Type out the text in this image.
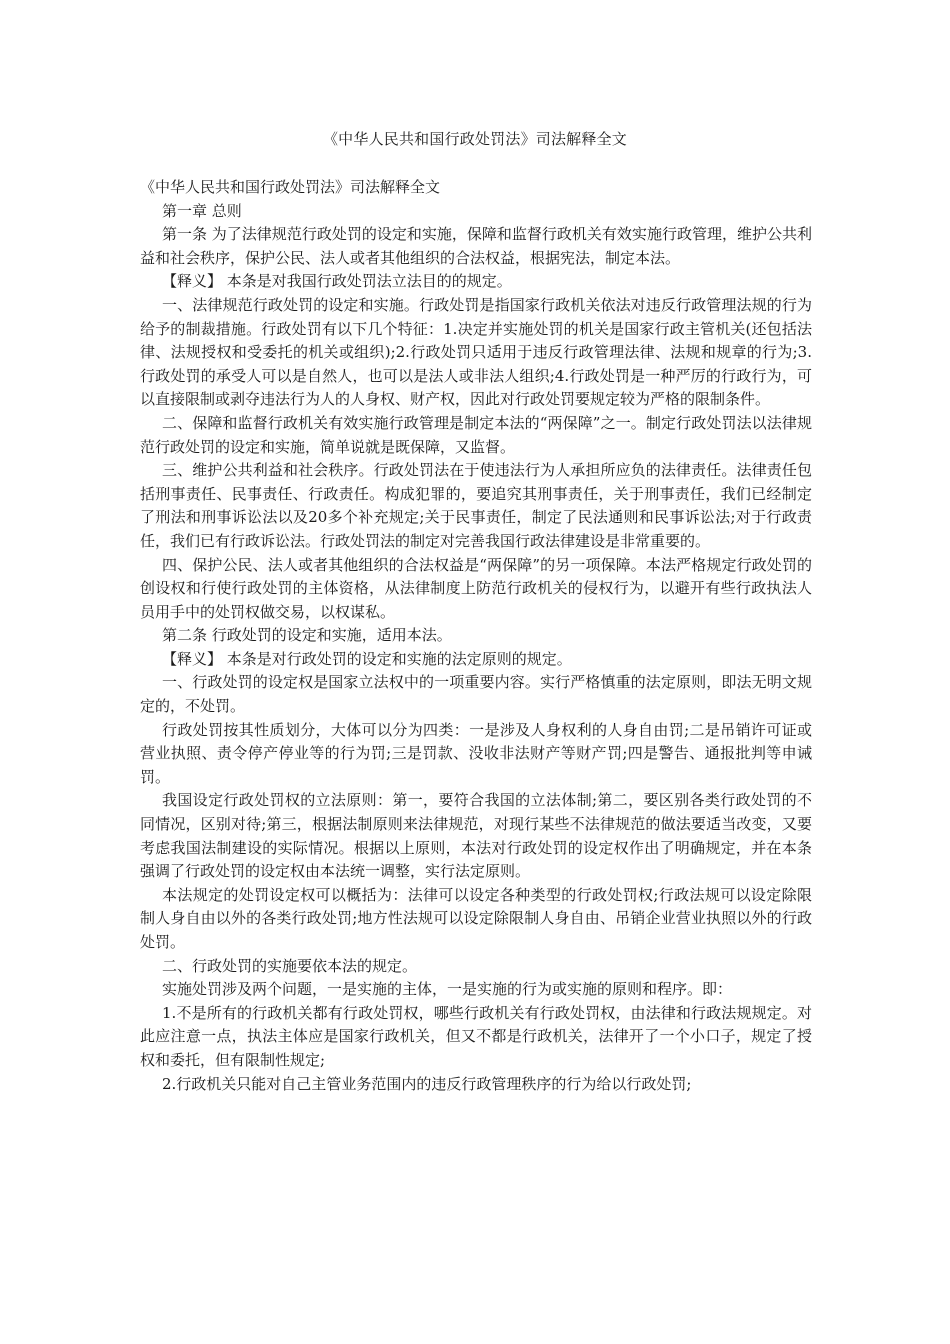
《中华人民共和国行政处罚法》司法解释全文

《中华人民共和国行政处罚法》司法解释全文

第一章 总则

第一条 为了法律规范行政处罚的设定和实施，保障和监督行政机关有效实施行政管理，维护公共利益和社会秩序，保护公民、法人或者其他组织的合法权益，根据宪法，制定本法。

【释义】 本条是对我国行政处罚法立法目的的规定。

一、法律规范行政处罚的设定和实施。行政处罚是指国家行政机关依法对违反行政管理法规的行为给予的制裁措施。行政处罚有以下几个特征：1.决定并实施处罚的机关是国家行政主管机关(还包括法律、法规授权和受委托的机关或组织);2.行政处罚只适用于违反行政管理法律、法规和规章的行为;3.行政处罚的承受人可以是自然人，也可以是法人或非法人组织;4.行政处罚是一种严厉的行政行为，可以直接限制或剥夺违法行为人的人身权、财产权，因此对行政处罚要规定较为严格的限制条件。

二、保障和监督行政机关有效实施行政管理是制定本法的“两保障”之一。制定行政处罚法以法律规范行政处罚的设定和实施，简单说就是既保障，又监督。

三、维护公共利益和社会秩序。行政处罚法在于使违法行为人承担所应负的法律责任。法律责任包括刑事责任、民事责任、行政责任。构成犯罪的，要追究其刑事责任，关于刑事责任，我们已经制定了刑法和刑事诉讼法以及20多个补充规定;关于民事责任，制定了民法通则和民事诉讼法;对于行政责任，我们已有行政诉讼法。行政处罚法的制定对完善我国行政法律建设是非常重要的。

四、保护公民、法人或者其他组织的合法权益是“两保障”的另一项保障。本法严格规定行政处罚的创设权和行使行政处罚的主体资格，从法律制度上防范行政机关的侵权行为，以避开有些行政执法人员用手中的处罚权做交易，以权谋私。

第二条 行政处罚的设定和实施，适用本法。

【释义】 本条是对行政处罚的设定和实施的法定原则的规定。

一、行政处罚的设定权是国家立法权中的一项重要内容。实行严格慎重的法定原则，即法无明文规定的，不处罚。

行政处罚按其性质划分，大体可以分为四类：一是涉及人身权利的人身自由罚;二是吊销许可证或营业执照、责令停产停业等的行为罚;三是罚款、没收非法财产等财产罚;四是警告、通报批判等申诫罚。

我国设定行政处罚权的立法原则：第一，要符合我国的立法体制;第二，要区别各类行政处罚的不同情况，区别对待;第三，根据法制原则来法律规范，对现行某些不法律规范的做法要适当改变，又要考虑我国法制建设的实际情况。根据以上原则，本法对行政处罚的设定权作出了明确规定，并在本条强调了行政处罚的设定权由本法统一调整，实行法定原则。

本法规定的处罚设定权可以概括为：法律可以设定各种类型的行政处罚权;行政法规可以设定除限制人身自由以外的各类行政处罚;地方性法规可以设定除限制人身自由、吊销企业营业执照以外的行政处罚。

二、行政处罚的实施要依本法的规定。

实施处罚涉及两个问题，一是实施的主体，一是实施的行为或实施的原则和程序。即：

1.不是所有的行政机关都有行政处罚权，哪些行政机关有行政处罚权，由法律和行政法规规定。对此应注意一点，执法主体应是国家行政机关，但又不都是行政机关，法律开了一个小口子，规定了授权和委托，但有限制性规定;

2.行政机关只能对自己主管业务范围内的违反行政管理秩序的行为给以行政处罚;
